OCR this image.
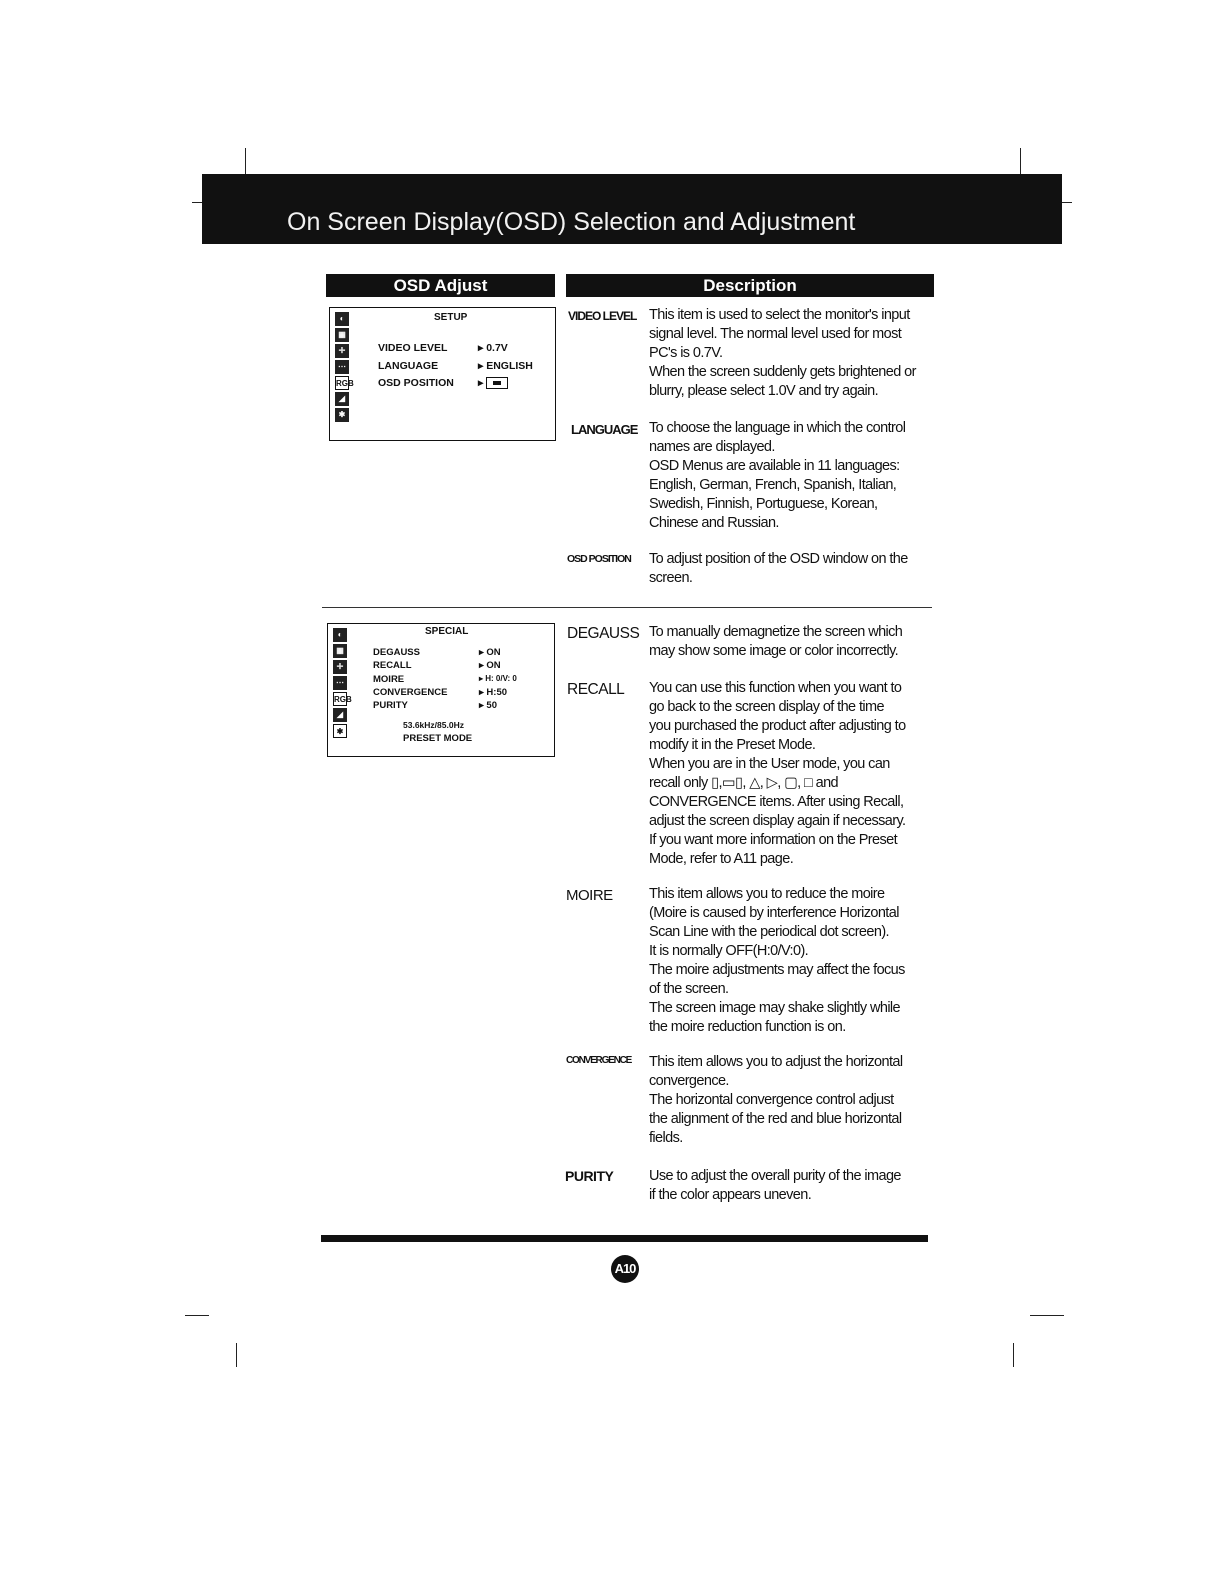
On Screen Display(OSD) Selection and Adjustment
OSD Adjust	Description
◐
▦
✛
⋯
RGB
◢
✱
SETUP
VIDEO LEVEL	▸ 0.7V
LANGUAGE	▸ ENGLISH
OSD POSITION ▸
VIDEO LEVEL This item is used to select the monitor's input

signal level. The normal level used for most

PC's is 0.7V.

When the screen suddenly gets brightened or

blurry, please select 1.0V and try again.

LANGUAGE To choose the language in which the control

names are displayed.

OSD Menus are available in 11 languages:

English, German, French, Spanish, Italian,

Swedish, Finnish, Portuguese, Korean,

Chinese and Russian.

OSD POSITION To adjust position of the OSD window on the

screen.

◐
▦
✛
⋯
RGB
◢
✱
SPECIAL
DEGAUSS	▸ ON
RECALL	▸ ON
MOIRE	▸ H: 0/V: 0
CONVERGENCE	▸ H:50
PURITY	▸ 50
53.6kHz/85.0Hz
PRESET MODE
DEGAUSS To manually demagnetize the screen which

may show some image or color incorrectly.

RECALL You can use this function when you want to

go back to the screen display of the time

you purchased the product after adjusting to

modify it in the Preset Mode.

When you are in the User mode, you can

recall only ▯,▭▯, △, ▷, ▢, □ and

CONVERGENCE items. After using Recall,

adjust the screen display again if necessary.

If you want more information on the Preset

Mode, refer to A11 page.

MOIRE	This item allows you to reduce the moire

(Moire is caused by interference Horizontal

Scan Line with the periodical dot screen).

It is normally OFF(H:0/V:0).

The moire adjustments may affect the focus

of the screen.

The screen image may shake slightly while

the moire reduction function is on.

CONVERGENCE This item allows you to adjust the horizontal

convergence.

The horizontal convergence control adjust

the alignment of the red and blue horizontal

fields.

PURITY Use to adjust the overall purity of the image

if the color appears uneven.

A10
